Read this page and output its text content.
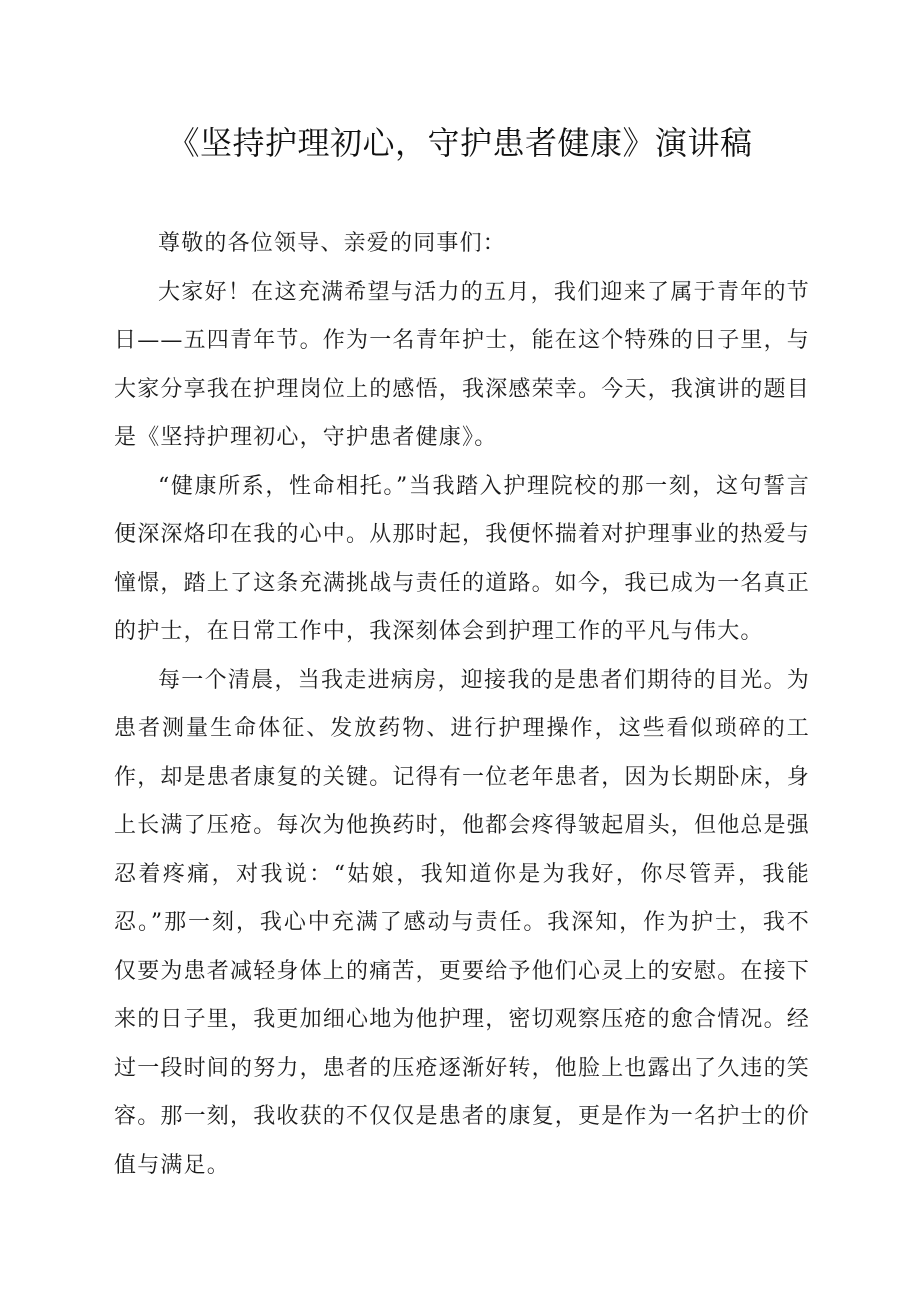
《坚持护理初心，守护患者健康》演讲稿

尊敬的各位领导、亲爱的同事们：

大家好！在这充满希望与活力的五月，我们迎来了属于青年的节日——五四青年节。作为一名青年护士，能在这个特殊的日子里，与大家分享我在护理岗位上的感悟，我深感荣幸。今天，我演讲的题目是《坚持护理初心，守护患者健康》。

“健康所系，性命相托。”当我踏入护理院校的那一刻，这句誓言便深深烙印在我的心中。从那时起，我便怀揣着对护理事业的热爱与憧憬，踏上了这条充满挑战与责任的道路。如今，我已成为一名真正的护士，在日常工作中，我深刻体会到护理工作的平凡与伟大。

每一个清晨，当我走进病房，迎接我的是患者们期待的目光。为患者测量生命体征、发放药物、进行护理操作，这些看似琐碎的工作，却是患者康复的关键。记得有一位老年患者，因为长期卧床，身上长满了压疮。每次为他换药时，他都会疼得皱起眉头，但他总是强忍着疼痛，对我说：“姑娘，我知道你是为我好，你尽管弄，我能忍。”那一刻，我心中充满了感动与责任。我深知，作为护士，我不仅要为患者减轻身体上的痛苦，更要给予他们心灵上的安慰。在接下来的日子里，我更加细心地为他护理，密切观察压疮的愈合情况。经过一段时间的努力，患者的压疮逐渐好转，他脸上也露出了久违的笑容。那一刻，我收获的不仅仅是患者的康复，更是作为一名护士的价值与满足。
